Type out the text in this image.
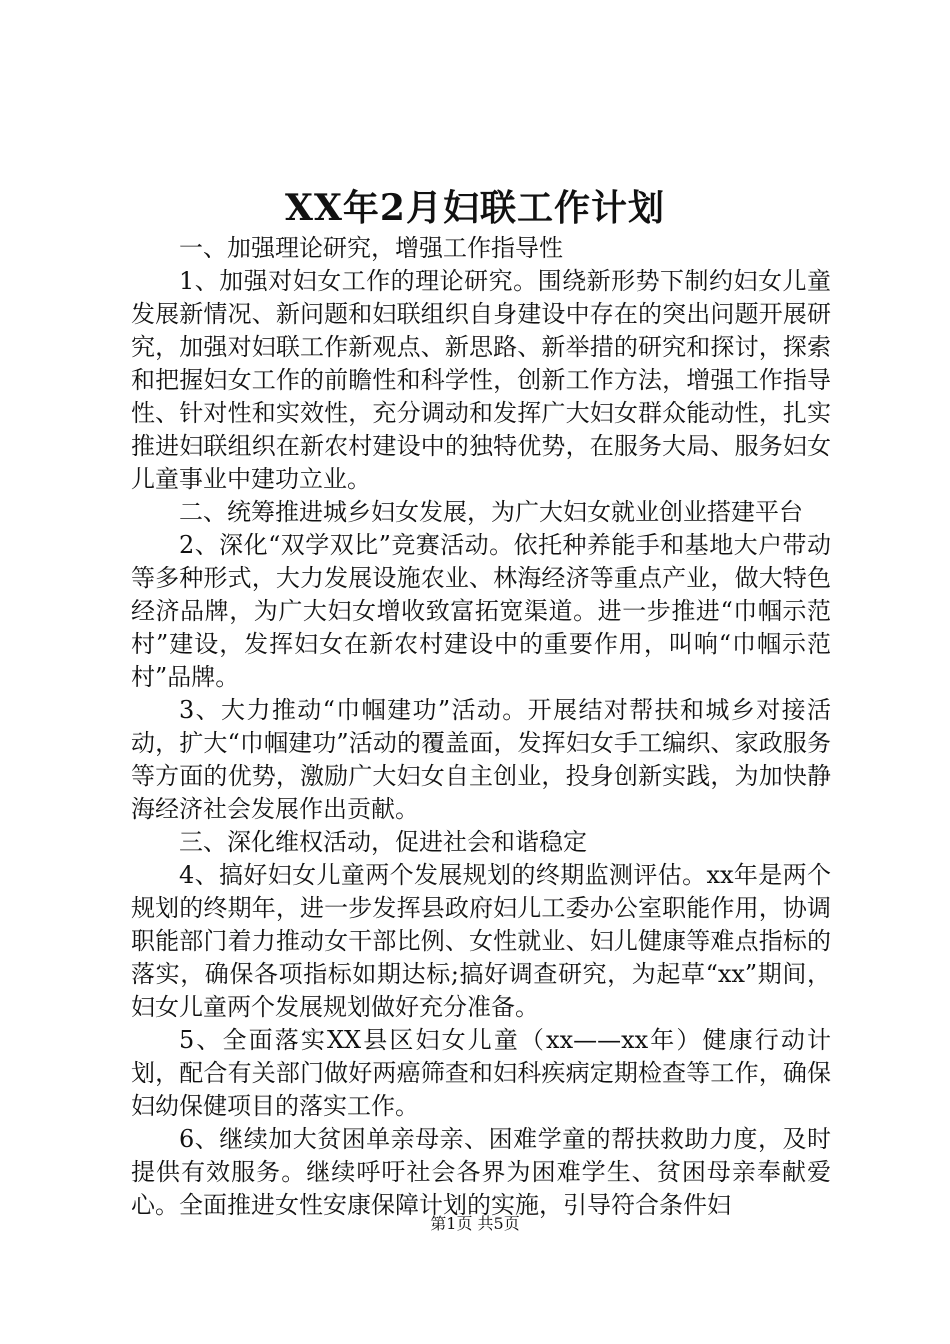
XX年2月妇联工作计划

一、加强理论研究，增强工作指导性

1、加强对妇女工作的理论研究。围绕新形势下制约妇女儿童发展新情况、新问题和妇联组织自身建设中存在的突出问题开展研究，加强对妇联工作新观点、新思路、新举措的研究和探讨，探索和把握妇女工作的前瞻性和科学性，创新工作方法，增强工作指导性、针对性和实效性，充分调动和发挥广大妇女群众能动性，扎实推进妇联组织在新农村建设中的独特优势，在服务大局、服务妇女儿童事业中建功立业。

二、统筹推进城乡妇女发展，为广大妇女就业创业搭建平台

2、深化“双学双比”竞赛活动。依托种养能手和基地大户带动等多种形式，大力发展设施农业、林海经济等重点产业，做大特色经济品牌，为广大妇女增收致富拓宽渠道。进一步推进“巾帼示范村”建设，发挥妇女在新农村建设中的重要作用，叫响“巾帼示范村”品牌。

3、大力推动“巾帼建功”活动。开展结对帮扶和城乡对接活动，扩大“巾帼建功”活动的覆盖面，发挥妇女手工编织、家政服务等方面的优势，激励广大妇女自主创业，投身创新实践，为加快静海经济社会发展作出贡献。

三、深化维权活动，促进社会和谐稳定

4、搞好妇女儿童两个发展规划的终期监测评估。xx年是两个规划的终期年，进一步发挥县政府妇儿工委办公室职能作用，协调职能部门着力推动女干部比例、女性就业、妇儿健康等难点指标的落实，确保各项指标如期达标;搞好调查研究，为起草“xx”期间，妇女儿童两个发展规划做好充分准备。

5、全面落实XX县区妇女儿童（xx——xx年）健康行动计划，配合有关部门做好两癌筛查和妇科疾病定期检查等工作，确保妇幼保健项目的落实工作。

6、继续加大贫困单亲母亲、困难学童的帮扶救助力度，及时提供有效服务。继续呼吁社会各界为困难学生、贫困母亲奉献爱心。全面推进女性安康保障计划的实施，引导符合条件妇

第1页 共5页
